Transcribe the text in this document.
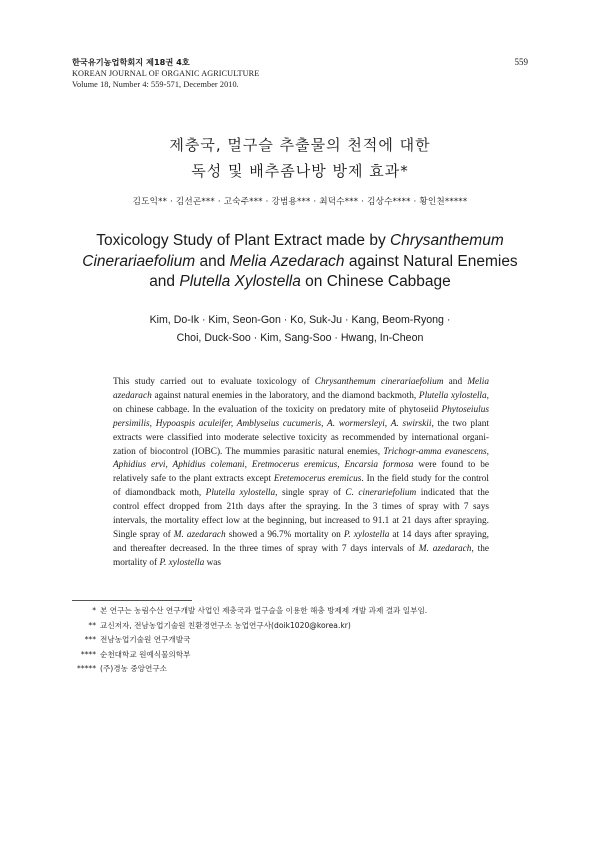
한국유기농업학회지 제18권 4호
KOREAN JOURNAL OF ORGANIC AGRICULTURE
Volume 18, Number 4: 559-571, December 2010.
559
제충국, 멀구슬 추출물의 천적에 대한
독성 및 배추좀나방 방제 효과*
김도익** · 김선곤*** · 고숙주*** · 강범용*** · 최덕수*** · 김상수**** · 황인천*****
Toxicology Study of Plant Extract made by Chrysanthemum
Cinerariaefolium and Melia Azedarach against Natural Enemies
and Plutella Xylostella on Chinese Cabbage
Kim, Do-Ik · Kim, Seon-Gon · Ko, Suk-Ju · Kang, Beom-Ryong ·
Choi, Duck-Soo · Kim, Sang-Soo · Hwang, In-Cheon
This study carried out to evaluate toxicology of Chrysanthemum cinerariaefolium and Melia azedarach against natural enemies in the laboratory, and the diamond backmoth, Plutella xylostella, on chinese cabbage. In the evaluation of the toxicity on predatory mite of phytoseiid Phytoseiulus persimilis, Hypoaspis aculeifer, Amblyseius cucumeris, A. wormersleyi, A. swirskii, the two plant extracts were classified into moderate selective toxicity as recommended by international organi-zation of biocontrol (IOBC). The mummies parasitic natural enemies, Trichogr-amma evanescens, Aphidius ervi, Aphidius colemani, Eretmocerus eremicus, Encarsia formosa were found to be relatively safe to the plant extracts except Eretemocerus eremicus. In the field study for the control of diamondback moth, Plutella xylostella, single spray of C. cinerariefolium indicated that the control effect dropped from 21th days after the spraying. In the 3 times of spray with 7 says intervals, the mortality effect low at the beginning, but increased to 91.1 at 21 days after spraying. Single spray of M. azedarach showed a 96.7% mortality on P. xylostella at 14 days after spraying, and thereafter decreased. In the three times of spray with 7 days intervals of M. azedarach, the mortality of P. xylostella was
* 본 연구는 농림수산 연구개발 사업인 제충국과 멀구슬을 이용한 해충 방제제 개발 과제 결과 일부임.
** 교신저자, 전남농업기술원 친환경연구소 농업연구사(doik1020@korea.kr)
*** 전남농업기술원 연구개발국
**** 순천대학교 원예식물의학부
***** (주)경농 중앙연구소
